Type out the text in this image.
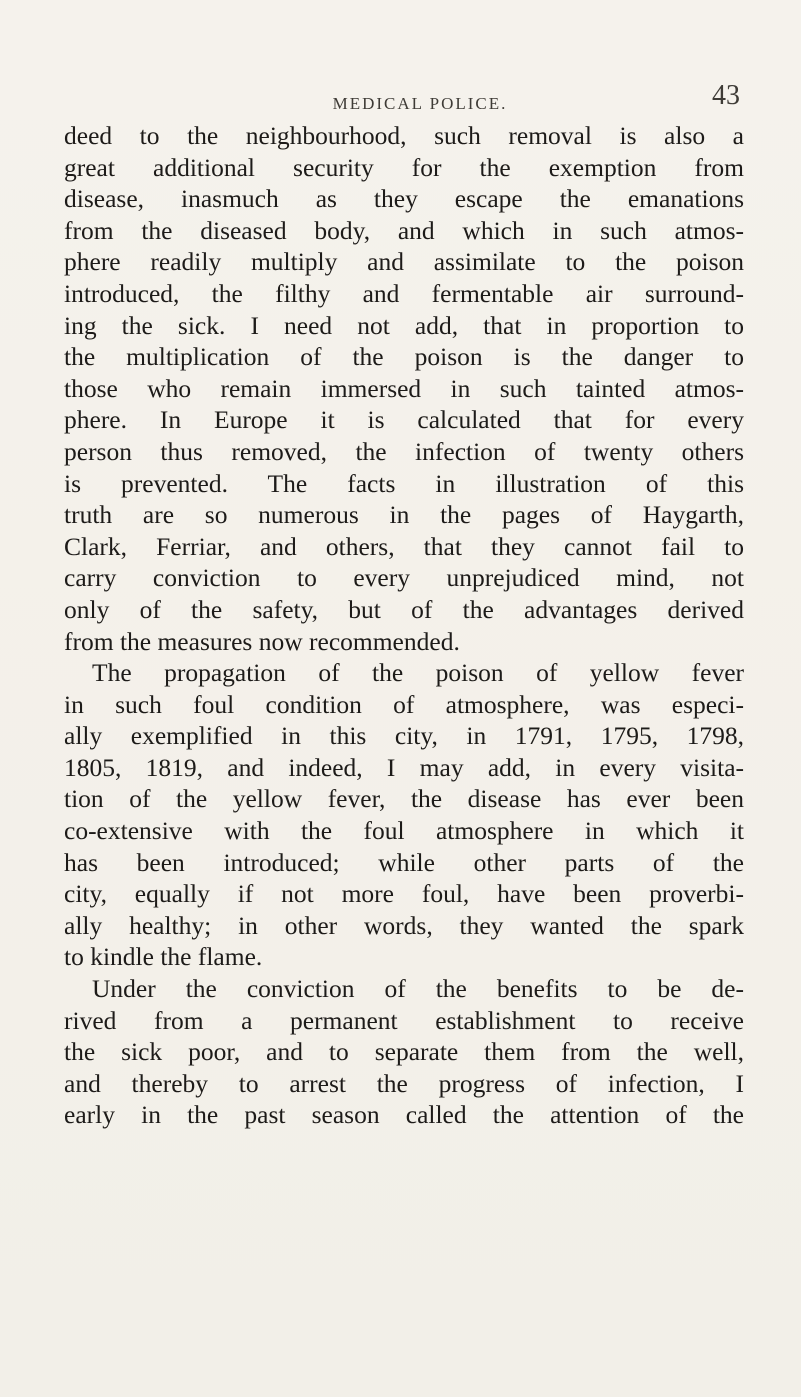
MEDICAL POLICE.	43
deed to the neighbourhood, such removal is also a
great additional security for the exemption from
disease, inasmuch as they escape the emanations
from the diseased body, and which in such atmos-
phere readily multiply and assimilate to the poison
introduced, the filthy and fermentable air surround-
ing the sick. I need not add, that in proportion to
the multiplication of the poison is the danger to
those who remain immersed in such tainted atmos-
phere. In Europe it is calculated that for every
person thus removed, the infection of twenty others
is prevented. The facts in illustration of this
truth are so numerous in the pages of Haygarth,
Clark, Ferriar, and others, that they cannot fail to
carry conviction to every unprejudiced mind, not
only of the safety, but of the advantages derived
from the measures now recommended.
The propagation of the poison of yellow fever
in such foul condition of atmosphere, was especi-
ally exemplified in this city, in 1791, 1795, 1798,
1805, 1819, and indeed, I may add, in every visita-
tion of the yellow fever, the disease has ever been
co-extensive with the foul atmosphere in which it
has been introduced; while other parts of the
city, equally if not more foul, have been proverbi-
ally healthy; in other words, they wanted the spark
to kindle the flame.
Under the conviction of the benefits to be de-
rived from a permanent establishment to receive
the sick poor, and to separate them from the well,
and thereby to arrest the progress of infection, I
early in the past season called the attention of the
